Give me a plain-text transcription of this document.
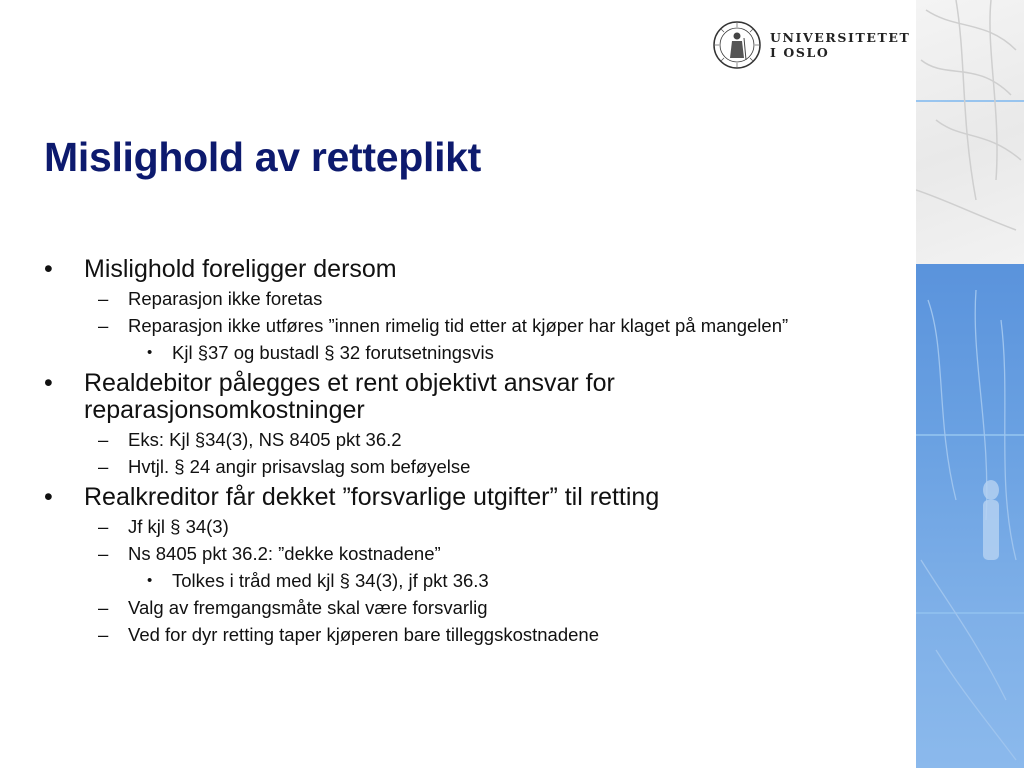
UNIVERSITETET
I OSLO
Mislighold av retteplikt
• Mislighold foreligger dersom
– Reparasjon ikke foretas
– Reparasjon ikke utføres ”innen rimelig tid etter at kjøper har klaget på mangelen”
• Kjl §37 og bustadl § 32 forutsetningsvis
• Realdebitor pålegges et rent objektivt ansvar for reparasjonsomkostninger
– Eks: Kjl §34(3), NS 8405 pkt 36.2
– Hvtjl. § 24 angir prisavslag som beføyelse
• Realkreditor får dekket ”forsvarlige utgifter” til retting
– Jf kjl § 34(3)
– Ns 8405 pkt 36.2: ”dekke kostnadene”
• Tolkes i tråd med kjl § 34(3), jf pkt 36.3
– Valg av fremgangsmåte skal være forsvarlig
– Ved for dyr retting taper kjøperen bare tilleggskostnadene
